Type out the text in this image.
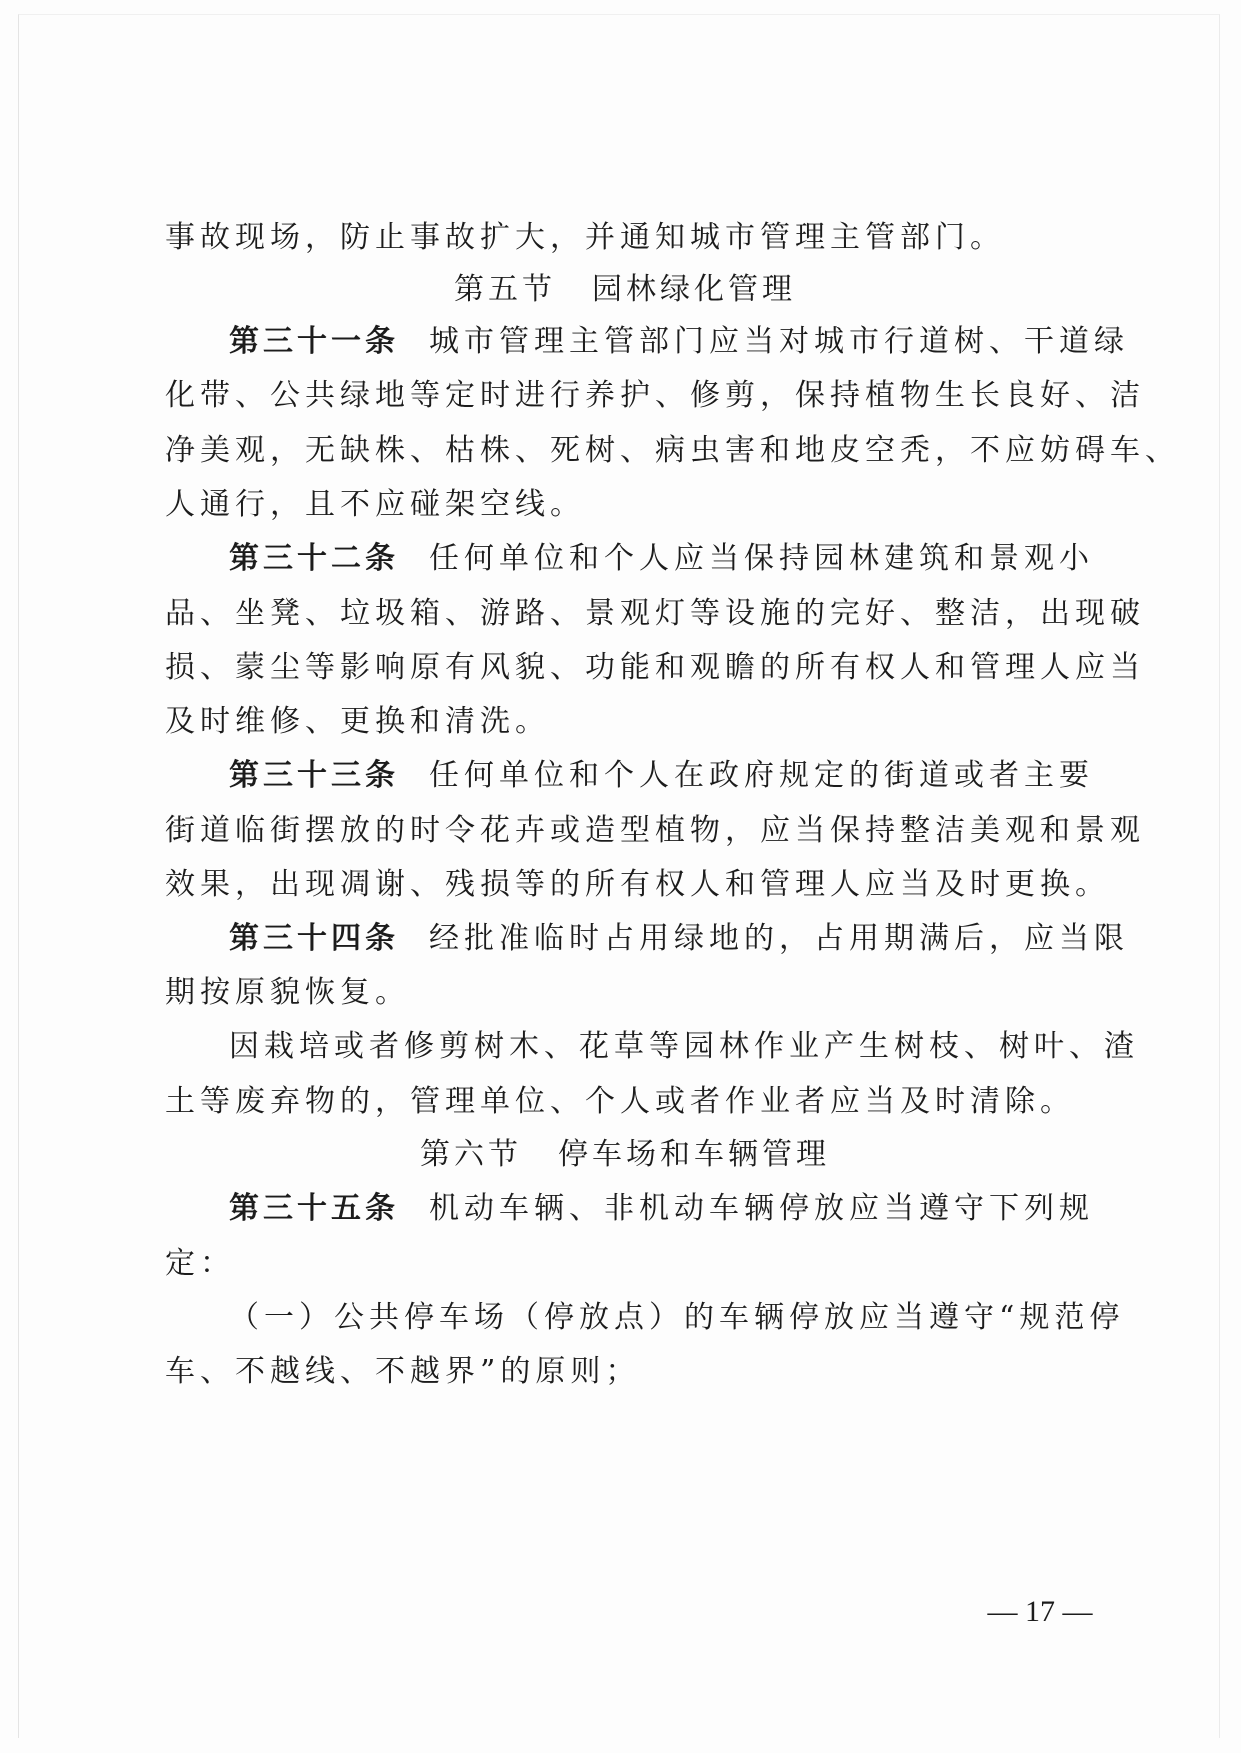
事故现场，防止事故扩大，并通知城市管理主管部门。
第五节 园林绿化管理
第三十一条 城市管理主管部门应当对城市行道树、干道绿
化带、公共绿地等定时进行养护、修剪，保持植物生长良好、洁
净美观，无缺株、枯株、死树、病虫害和地皮空秃，不应妨碍车、
人通行，且不应碰架空线。
第三十二条 任何单位和个人应当保持园林建筑和景观小
品、坐凳、垃圾箱、游路、景观灯等设施的完好、整洁，出现破
损、蒙尘等影响原有风貌、功能和观瞻的所有权人和管理人应当
及时维修、更换和清洗。
第三十三条 任何单位和个人在政府规定的街道或者主要
街道临街摆放的时令花卉或造型植物，应当保持整洁美观和景观
效果，出现凋谢、残损等的所有权人和管理人应当及时更换。
第三十四条 经批准临时占用绿地的，占用期满后，应当限
期按原貌恢复。
因栽培或者修剪树木、花草等园林作业产生树枝、树叶、渣
土等废弃物的，管理单位、个人或者作业者应当及时清除。
第六节 停车场和车辆管理
第三十五条 机动车辆、非机动车辆停放应当遵守下列规
定：
（一）公共停车场（停放点）的车辆停放应当遵守“规范停
车、不越线、不越界”的原则；
— 17 —
